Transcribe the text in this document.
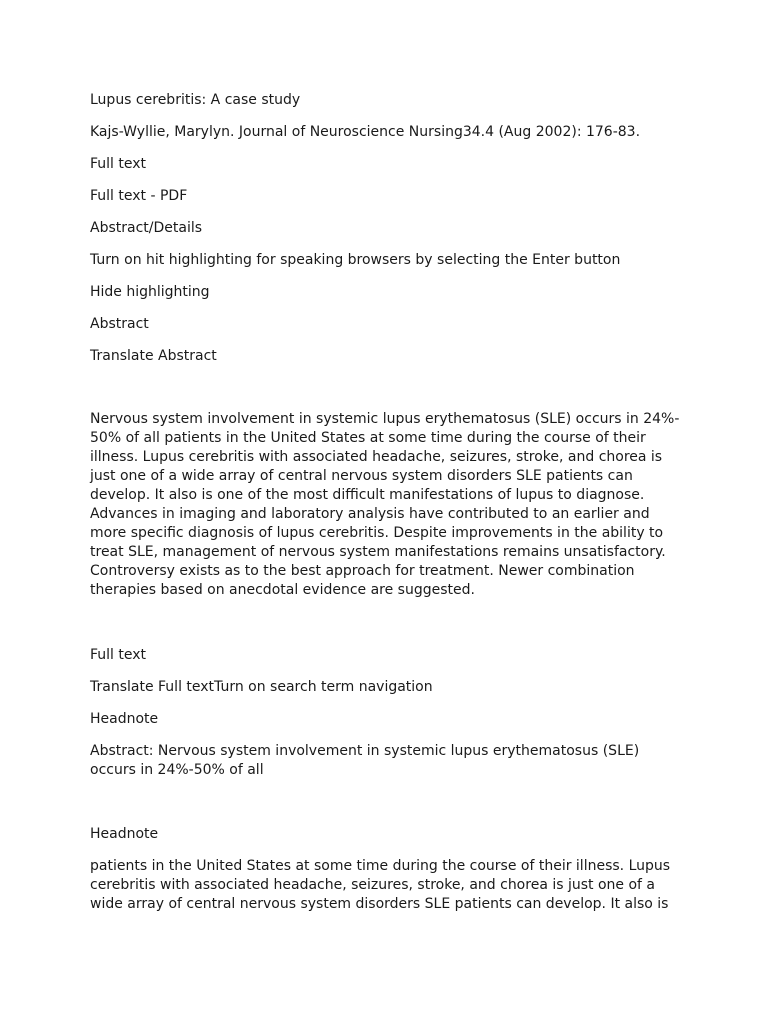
Lupus cerebritis: A case study

Kajs-Wyllie, Marylyn. Journal of Neuroscience Nursing34.4 (Aug 2002): 176-83.

Full text

Full text - PDF

Abstract/Details

Turn on hit highlighting for speaking browsers by selecting the Enter button

Hide highlighting

Abstract

Translate Abstract

Nervous system involvement in systemic lupus erythematosus (SLE) occurs in 24%-
50% of all patients in the United States at some time during the course of their
illness. Lupus cerebritis with associated headache, seizures, stroke, and chorea is
just one of a wide array of central nervous system disorders SLE patients can
develop. It also is one of the most difficult manifestations of lupus to diagnose.
Advances in imaging and laboratory analysis have contributed to an earlier and
more specific diagnosis of lupus cerebritis. Despite improvements in the ability to
treat SLE, management of nervous system manifestations remains unsatisfactory.
Controversy exists as to the best approach for treatment. Newer combination
therapies based on anecdotal evidence are suggested.

Full text

Translate Full textTurn on search term navigation

Headnote

Abstract: Nervous system involvement in systemic lupus erythematosus (SLE)
occurs in 24%-50% of all

Headnote

patients in the United States at some time during the course of their illness. Lupus
cerebritis with associated headache, seizures, stroke, and chorea is just one of a
wide array of central nervous system disorders SLE patients can develop. It also is
